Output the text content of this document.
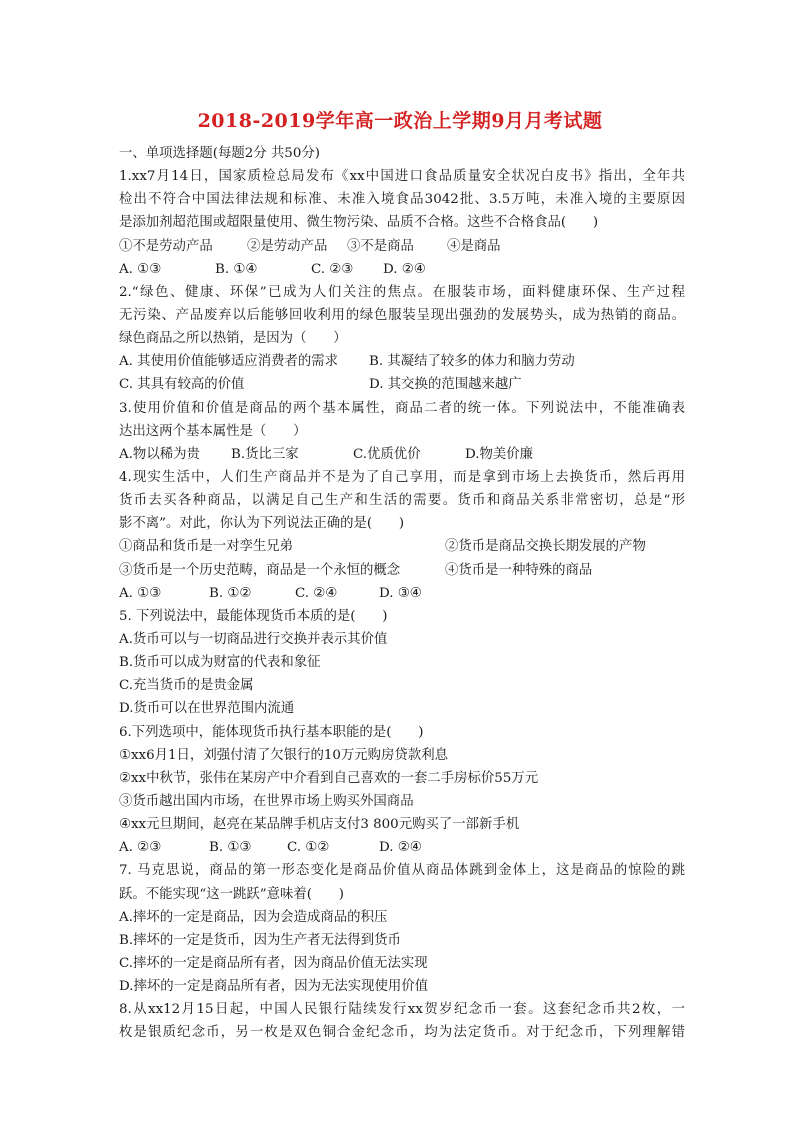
2018-2019学年高一政治上学期9月月考试题
一、单项选择题(每题2分 共50分)
1.xx7月14日，国家质检总局发布《xx中国进口食品质量安全状况白皮书》指出，全年共
检出不符合中国法律法规和标准、未准入境食品3042批、3.5万吨，未准入境的主要原因
是添加剂超范围或超限量使用、微生物污染、品质不合格。这些不合格食品(　　)
①不是劳动产品	②是劳动产品 ③不是商品 ④是商品
A. ①③	B. ①④	C. ②③ D. ②④
2.“绿色、健康、环保”已成为人们关注的焦点。在服装市场，面料健康环保、生产过程
无污染、产品废弃以后能够回收利用的绿色服装呈现出强劲的发展势头，成为热销的商品。
绿色商品之所以热销，是因为（　　）
A. 其使用价值能够适应消费者的需求 B. 其凝结了较多的体力和脑力劳动
C. 其具有较高的价值	D. 其交换的范围越来越广
3.使用价值和价值是商品的两个基本属性，商品二者的统一体。下列说法中，不能准确表
达出这两个基本属性是（　　）
A.物以稀为贵 B.货比三家	C.优质优价	D.物美价廉
4.现实生活中，人们生产商品并不是为了自己享用，而是拿到市场上去换货币，然后再用
货币去买各种商品，以满足自己生产和生活的需要。货币和商品关系非常密切，总是“形
影不离”。对此，你认为下列说法正确的是(　　)
①商品和货币是一对孪生兄弟	②货币是商品交换长期发展的产物
③货币是一个历史范畴，商品是一个永恒的概念	④货币是一种特殊的商品
A. ①③	B. ①②	C. ②④	D. ③④
5. 下列说法中，最能体现货币本质的是(　　)
A.货币可以与一切商品进行交换并表示其价值
B.货币可以成为财富的代表和象征
C.充当货币的是贵金属
D.货币可以在世界范围内流通
6.下列选项中，能体现货币执行基本职能的是(　　)
①xx6月1日，刘强付清了欠银行的10万元购房贷款利息
②xx中秋节，张伟在某房产中介看到自己喜欢的一套二手房标价55万元
③货币越出国内市场，在世界市场上购买外国商品
④xx元旦期间，赵亮在某品牌手机店支付3 800元购买了一部新手机
A. ②③	B. ①③	C. ①②	D. ②④
7. 马克思说，商品的第一形态变化是商品价值从商品体跳到金体上，这是商品的惊险的跳
跃。不能实现“这一跳跃”意味着(　　)
A.摔坏的一定是商品，因为会造成商品的积压
B.摔坏的一定是货币，因为生产者无法得到货币
C.摔坏的一定是商品所有者，因为商品价值无法实现
D.摔坏的一定是商品所有者，因为无法实现使用价值
8.从xx12月15日起，中国人民银行陆续发行xx贺岁纪念币一套。这套纪念币共2枚，一
枚是银质纪念币，另一枚是双色铜合金纪念币，均为法定货币。对于纪念币，下列理解错
